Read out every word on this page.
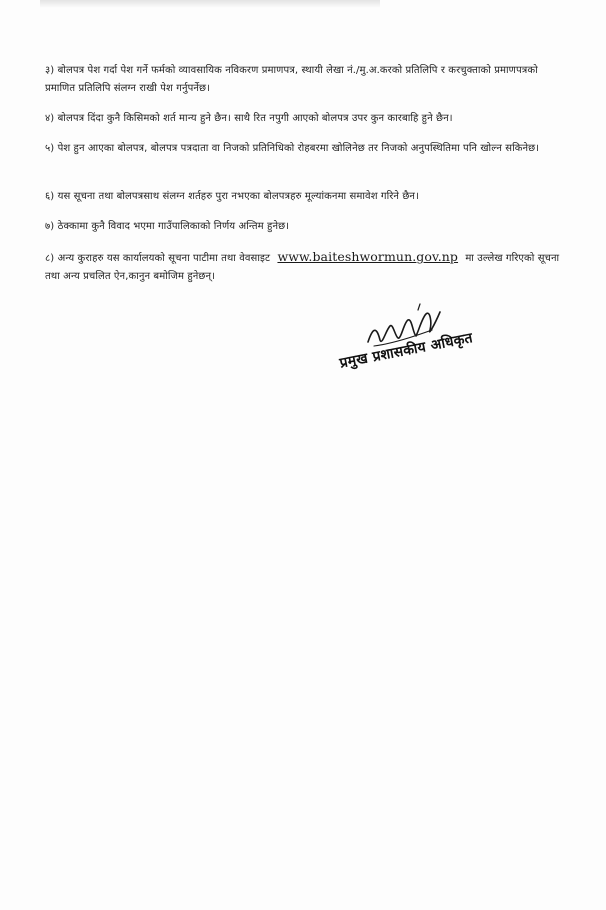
३) बोलपत्र पेश गर्दा पेश गर्ने फर्मको व्यावसायिक नविकरण प्रमाणपत्र, स्थायी लेखा नं./मु.अ.करको प्रतिलिपि र करचुक्ताको प्रमाणपत्रको प्रमाणित प्रतिलिपि संलग्न राखी पेश गर्नुपर्नेछ।

४) बोलपत्र दिंदा कुनै किसिमको शर्त मान्य हुने छैन। साथै रित नपुगी आएको बोलपत्र उपर कुन कारबाहि हुने छैन।

५) पेश हुन आएका बोलपत्र, बोलपत्र पत्रदाता वा निजको प्रतिनिधिको रोहबरमा खोलिनेछ तर निजको अनुपस्थितिमा पनि खोल्न सकिनेछ।

६) यस सूचना तथा बोलपत्रसाथ संलग्न शर्तहरु पुरा नभएका बोलपत्रहरु मूल्यांकनमा समावेश गरिने छैन।

७) ठेक्कामा कुनै विवाद भएमा गाउँपालिकाको निर्णय अन्तिम हुनेछ।

८) अन्य कुराहरु यस कार्यालयको सूचना पाटीमा तथा वेवसाइट www.baiteshwormun.gov.np मा उल्लेख गरिएको सूचना तथा अन्य प्रचलित ऐन,कानुन बमोजिम हुनेछन्।

प्रमुख प्रशासकीय अधिकृत
